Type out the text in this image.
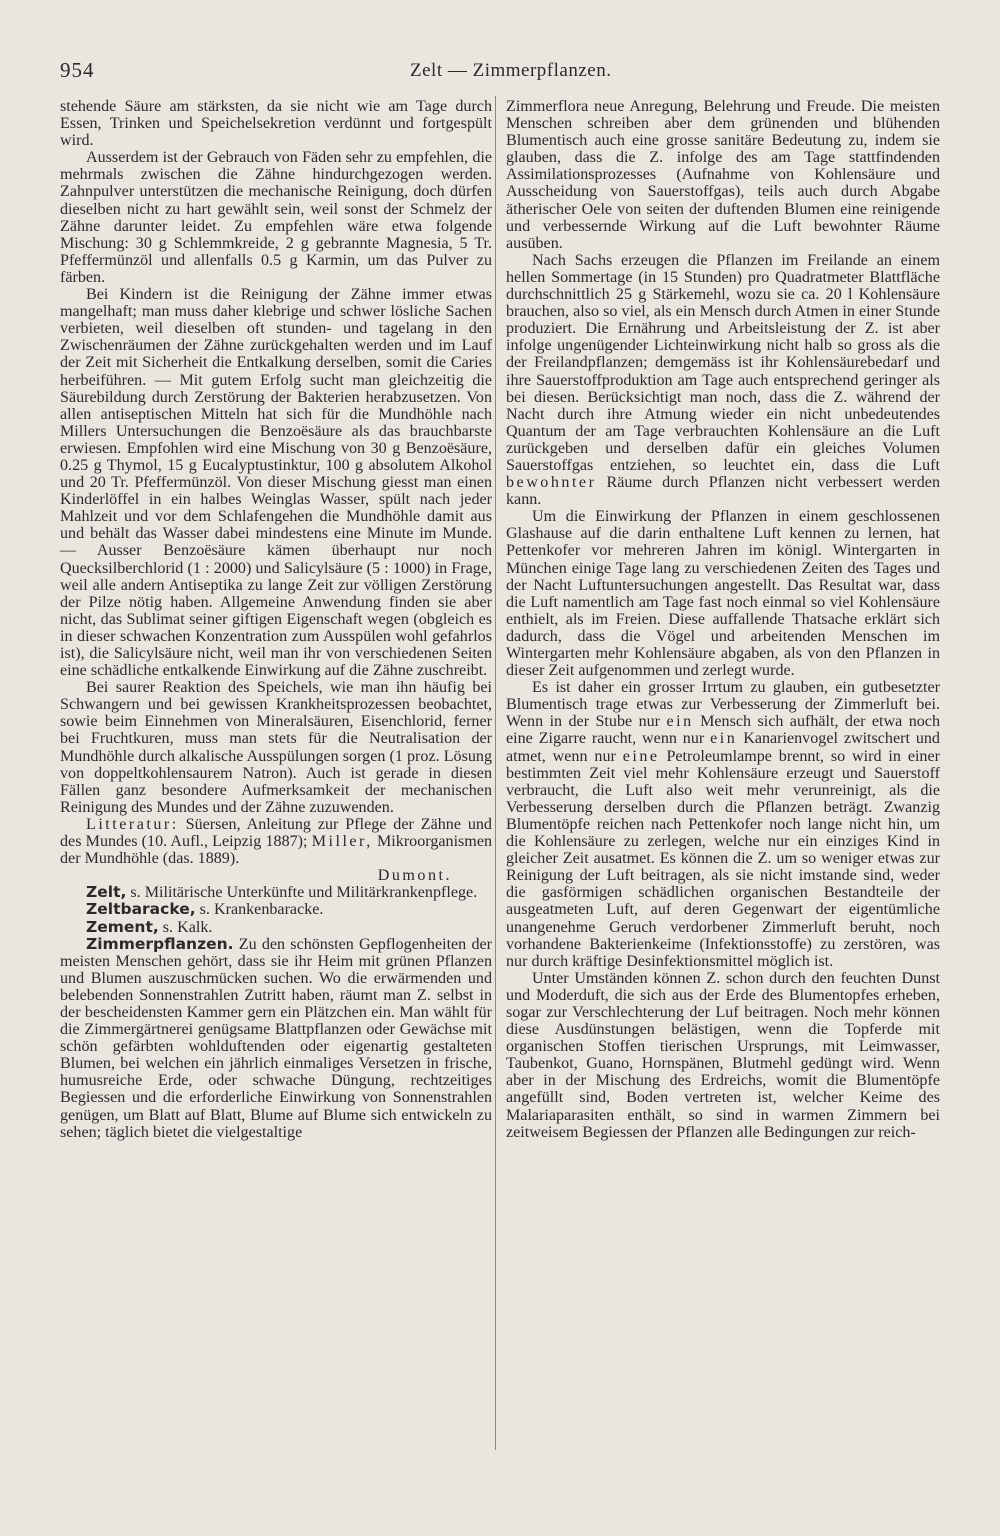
954	Zelt — Zimmerpflanzen.

stehende Säure am stärksten, da sie nicht wie am Tage durch Essen, Trinken und Speichelsekretion verdünnt und fortgespült wird.

Ausserdem ist der Gebrauch von Fäden sehr zu empfehlen, die mehrmals zwischen die Zähne hindurchgezogen werden. Zahnpulver unterstützen die mechanische Reinigung, doch dürfen dieselben nicht zu hart gewählt sein, weil sonst der Schmelz der Zähne darunter leidet. Zu empfehlen wäre etwa folgende Mischung: 30 g Schlemmkreide, 2 g gebrannte Magnesia, 5 Tr. Pfeffermünzöl und allenfalls 0.5 g Karmin, um das Pulver zu färben.

Bei Kindern ist die Reinigung der Zähne immer etwas mangelhaft; man muss daher klebrige und schwer lösliche Sachen verbieten, weil dieselben oft stunden- und tagelang in den Zwischenräumen der Zähne zurückgehalten werden und im Lauf der Zeit mit Sicherheit die Entkalkung derselben, somit die Caries herbeiführen. — Mit gutem Erfolg sucht man gleichzeitig die Säurebildung durch Zerstörung der Bakterien herabzusetzen. Von allen antiseptischen Mitteln hat sich für die Mundhöhle nach Millers Untersuchungen die Benzoësäure als das brauchbarste erwiesen. Empfohlen wird eine Mischung von 30 g Benzoësäure, 0.25 g Thymol, 15 g Eucalyptustinktur, 100 g absolutem Alkohol und 20 Tr. Pfeffermünzöl. Von dieser Mischung giesst man einen Kinderlöffel in ein halbes Weinglas Wasser, spült nach jeder Mahlzeit und vor dem Schlafengehen die Mundhöhle damit aus und behält das Wasser dabei mindestens eine Minute im Munde. — Ausser Benzoësäure kämen überhaupt nur noch Quecksilberchlorid (1 : 2000) und Salicylsäure (5 : 1000) in Frage, weil alle andern Antiseptika zu lange Zeit zur völligen Zerstörung der Pilze nötig haben. Allgemeine Anwendung finden sie aber nicht, das Sublimat seiner giftigen Eigenschaft wegen (obgleich es in dieser schwachen Konzentration zum Ausspülen wohl gefahrlos ist), die Salicylsäure nicht, weil man ihr von verschiedenen Seiten eine schädliche entkalkende Einwirkung auf die Zähne zuschreibt.

Bei saurer Reaktion des Speichels, wie man ihn häufig bei Schwangern und bei gewissen Krankheitsprozessen beobachtet, sowie beim Einnehmen von Mineralsäuren, Eisenchlorid, ferner bei Fruchtkuren, muss man stets für die Neutralisation der Mundhöhle durch alkalische Ausspülungen sorgen (1 proz. Lösung von doppeltkohlensaurem Natron). Auch ist gerade in diesen Fällen ganz besondere Aufmerksamkeit der mechanischen Reinigung des Mundes und der Zähne zuzuwenden.

Litteratur: Süersen, Anleitung zur Pflege der Zähne und des Mundes (10. Aufl., Leipzig 1887); Miller, Mikroorganismen der Mundhöhle (das. 1889).

Dumont.

Zelt, s. Militärische Unterkünfte und Militärkrankenpflege.

Zeltbaracke, s. Krankenbaracke.

Zement, s. Kalk.

Zimmerpflanzen. Zu den schönsten Gepflogenheiten der meisten Menschen gehört, dass sie ihr Heim mit grünen Pflanzen und Blumen auszuschmücken suchen. Wo die erwärmenden und belebenden Sonnenstrahlen Zutritt haben, räumt man Z. selbst in der bescheidensten Kammer gern ein Plätzchen ein. Man wählt für die Zimmergärtnerei genügsame Blattpflanzen oder Gewächse mit schön gefärbten wohlduftenden oder eigenartig gestalteten Blumen, bei welchen ein jährlich einmaliges Versetzen in frische, humusreiche Erde, oder schwache Düngung, rechtzeitiges Begiessen und die erforderliche Einwirkung von Sonnenstrahlen genügen, um Blatt auf Blatt, Blume auf Blume sich entwickeln zu sehen; täglich bietet die vielgestaltige

Zimmerflora neue Anregung, Belehrung und Freude. Die meisten Menschen schreiben aber dem grünenden und blühenden Blumentisch auch eine grosse sanitäre Bedeutung zu, indem sie glauben, dass die Z. infolge des am Tage stattfindenden Assimilationsprozesses (Aufnahme von Kohlensäure und Ausscheidung von Sauerstoffgas), teils auch durch Abgabe ätherischer Oele von seiten der duftenden Blumen eine reinigende und verbessernde Wirkung auf die Luft bewohnter Räume ausüben.

Nach Sachs erzeugen die Pflanzen im Freilande an einem hellen Sommertage (in 15 Stunden) pro Quadratmeter Blattfläche durchschnittlich 25 g Stärkemehl, wozu sie ca. 20 l Kohlensäure brauchen, also so viel, als ein Mensch durch Atmen in einer Stunde produziert. Die Ernährung und Arbeitsleistung der Z. ist aber infolge ungenügender Lichteinwirkung nicht halb so gross als die der Freilandpflanzen; demgemäss ist ihr Kohlensäurebedarf und ihre Sauerstoffproduktion am Tage auch entsprechend geringer als bei diesen. Berücksichtigt man noch, dass die Z. während der Nacht durch ihre Atmung wieder ein nicht unbedeutendes Quantum der am Tage verbrauchten Kohlensäure an die Luft zurückgeben und derselben dafür ein gleiches Volumen Sauerstoffgas entziehen, so leuchtet ein, dass die Luft bewohnter Räume durch Pflanzen nicht verbessert werden kann.

Um die Einwirkung der Pflanzen in einem geschlossenen Glashause auf die darin enthaltene Luft kennen zu lernen, hat Pettenkofer vor mehreren Jahren im königl. Wintergarten in München einige Tage lang zu verschiedenen Zeiten des Tages und der Nacht Luftuntersuchungen angestellt. Das Resultat war, dass die Luft namentlich am Tage fast noch einmal so viel Kohlensäure enthielt, als im Freien. Diese auffallende Thatsache erklärt sich dadurch, dass die Vögel und arbeitenden Menschen im Wintergarten mehr Kohlensäure abgaben, als von den Pflanzen in dieser Zeit aufgenommen und zerlegt wurde.

Es ist daher ein grosser Irrtum zu glauben, ein gutbesetzter Blumentisch trage etwas zur Verbesserung der Zimmerluft bei. Wenn in der Stube nur ein Mensch sich aufhält, der etwa noch eine Zigarre raucht, wenn nur ein Kanarienvogel zwitschert und atmet, wenn nur eine Petroleumlampe brennt, so wird in einer bestimmten Zeit viel mehr Kohlensäure erzeugt und Sauerstoff verbraucht, die Luft also weit mehr verunreinigt, als die Verbesserung derselben durch die Pflanzen beträgt. Zwanzig Blumentöpfe reichen nach Pettenkofer noch lange nicht hin, um die Kohlensäure zu zerlegen, welche nur ein einziges Kind in gleicher Zeit ausatmet. Es können die Z. um so weniger etwas zur Reinigung der Luft beitragen, als sie nicht imstande sind, weder die gasförmigen schädlichen organischen Bestandteile der ausgeatmeten Luft, auf deren Gegenwart der eigentümliche unangenehme Geruch verdorbener Zimmerluft beruht, noch vorhandene Bakterienkeime (Infektionsstoffe) zu zerstören, was nur durch kräftige Desinfektionsmittel möglich ist.

Unter Umständen können Z. schon durch den feuchten Dunst und Moderduft, die sich aus der Erde des Blumentopfes erheben, sogar zur Verschlechterung der Luf beitragen. Noch mehr können diese Ausdünstungen belästigen, wenn die Topferde mit organischen Stoffen tierischen Ursprungs, mit Leimwasser, Taubenkot, Guano, Hornspänen, Blutmehl gedüngt wird. Wenn aber in der Mischung des Erdreichs, womit die Blumentöpfe angefüllt sind, Boden vertreten ist, welcher Keime des Malariaparasiten enthält, so sind in warmen Zimmern bei zeitweisem Begiessen der Pflanzen alle Bedingungen zur reich-
